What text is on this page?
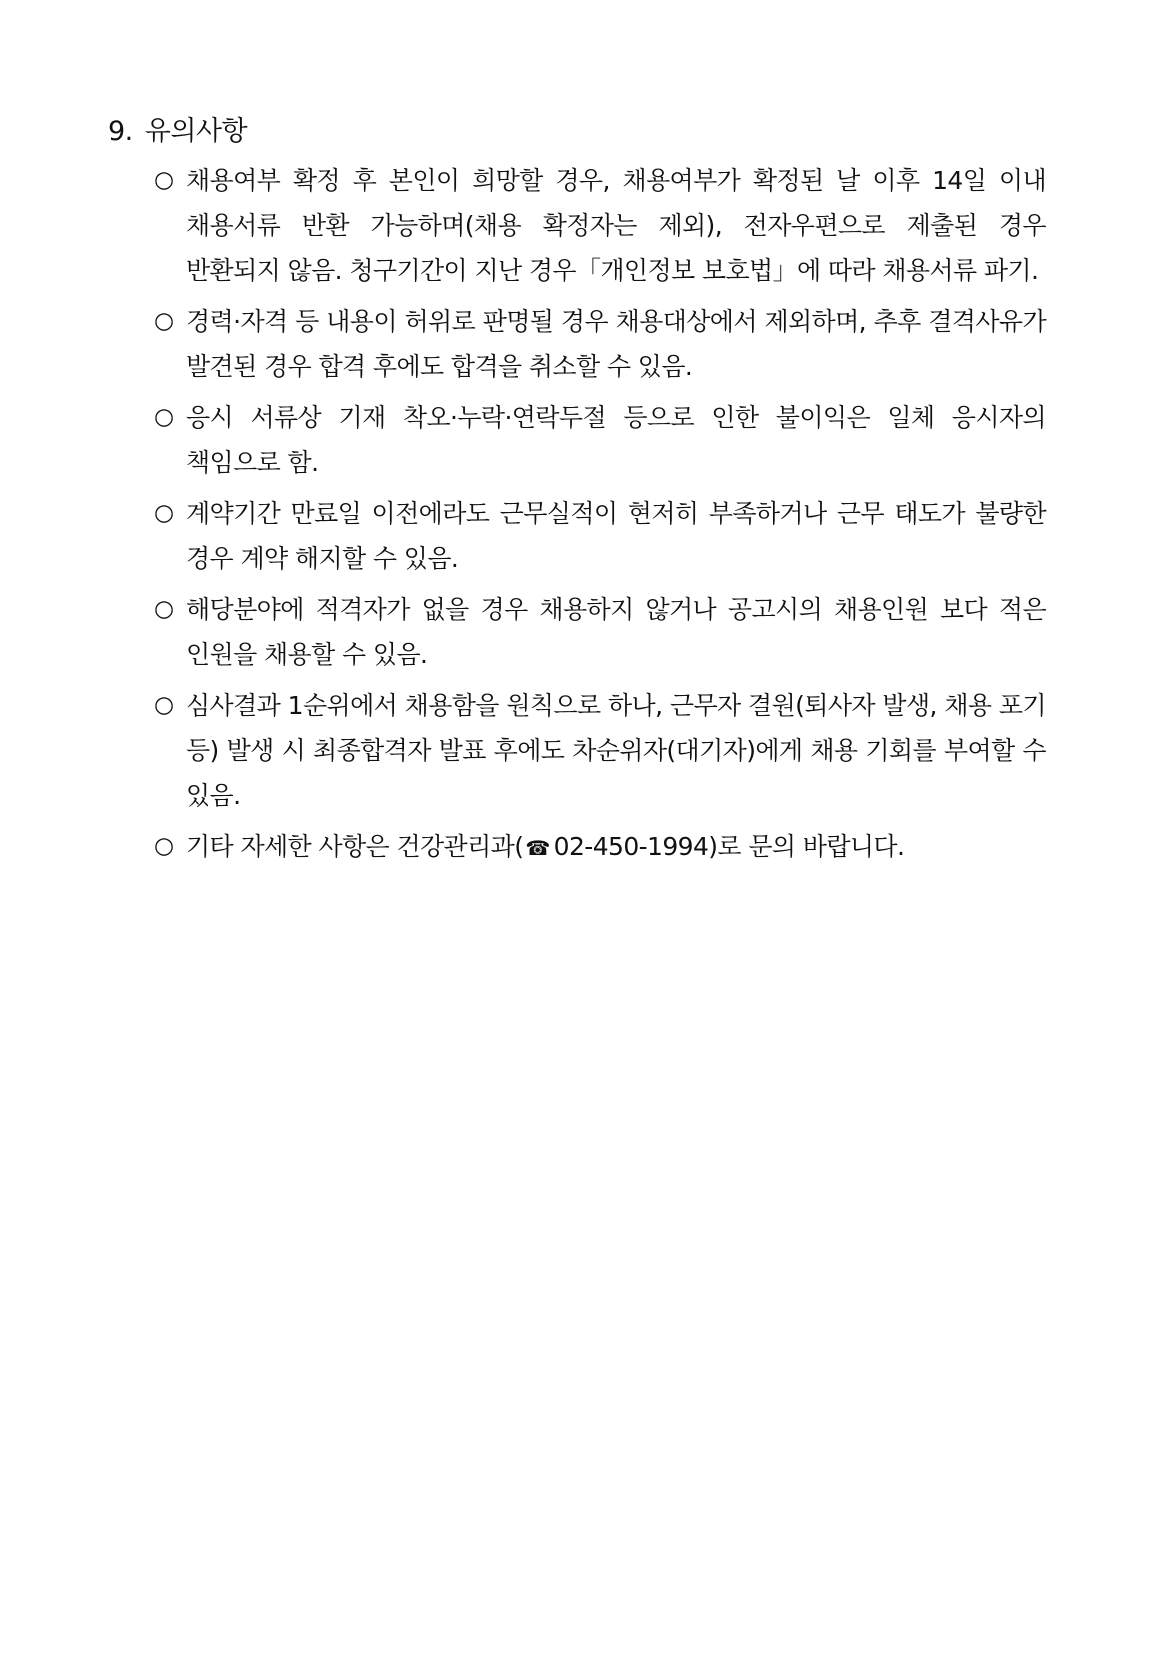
9. 유의사항
○ 채용여부 확정 후 본인이 희망할 경우, 채용여부가 확정된 날 이후 14일 이내 채용서류 반환 가능하며(채용 확정자는 제외), 전자우편으로 제출된 경우 반환되지 않음. 청구기간이 지난 경우「개인정보 보호법」에 따라 채용서류 파기.
○ 경력·자격 등 내용이 허위로 판명될 경우 채용대상에서 제외하며, 추후 결격사유가 발견된 경우 합격 후에도 합격을 취소할 수 있음.
○ 응시 서류상 기재 착오·누락·연락두절 등으로 인한 불이익은 일체 응시자의 책임으로 함.
○ 계약기간 만료일 이전에라도 근무실적이 현저히 부족하거나 근무 태도가 불량한 경우 계약 해지할 수 있음.
○ 해당분야에 적격자가 없을 경우 채용하지 않거나 공고시의 채용인원 보다 적은 인원을 채용할 수 있음.
○ 심사결과 1순위에서 채용함을 원칙으로 하나, 근무자 결원(퇴사자 발생, 채용 포기 등) 발생 시 최종합격자 발표 후에도 차순위자(대기자)에게 채용 기회를 부여할 수 있음.
○ 기타 자세한 사항은 건강관리과( ☎ 02-450-1994)로 문의 바랍니다.
